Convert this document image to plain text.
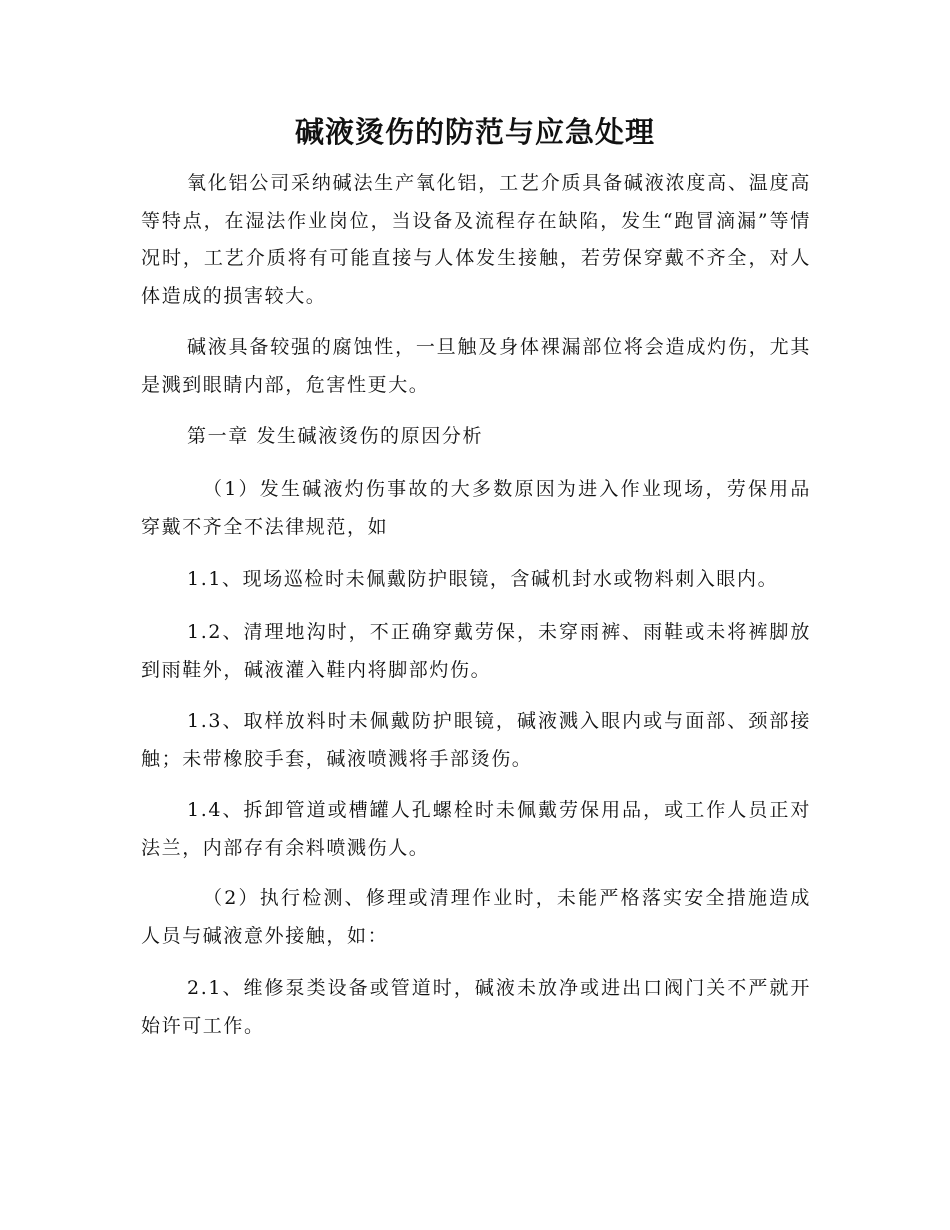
碱液烫伤的防范与应急处理

氧化铝公司采纳碱法生产氧化铝，工艺介质具备碱液浓度高、温度高等特点，在湿法作业岗位，当设备及流程存在缺陷，发生“跑冒滴漏”等情况时，工艺介质将有可能直接与人体发生接触，若劳保穿戴不齐全，对人体造成的损害较大。

碱液具备较强的腐蚀性，一旦触及身体裸漏部位将会造成灼伤，尤其是溅到眼睛内部，危害性更大。

第一章 发生碱液烫伤的原因分析

（1）发生碱液灼伤事故的大多数原因为进入作业现场，劳保用品穿戴不齐全不法律规范，如

1.1、现场巡检时未佩戴防护眼镜，含碱机封水或物料刺入眼内。

1.2、清理地沟时，不正确穿戴劳保，未穿雨裤、雨鞋或未将裤脚放到雨鞋外，碱液灌入鞋内将脚部灼伤。

1.3、取样放料时未佩戴防护眼镜，碱液溅入眼内或与面部、颈部接触；未带橡胶手套，碱液喷溅将手部烫伤。

1.4、拆卸管道或槽罐人孔螺栓时未佩戴劳保用品，或工作人员正对法兰，内部存有余料喷溅伤人。

（2）执行检测、修理或清理作业时，未能严格落实安全措施造成人员与碱液意外接触，如：

2.1、维修泵类设备或管道时，碱液未放净或进出口阀门关不严就开始许可工作。
